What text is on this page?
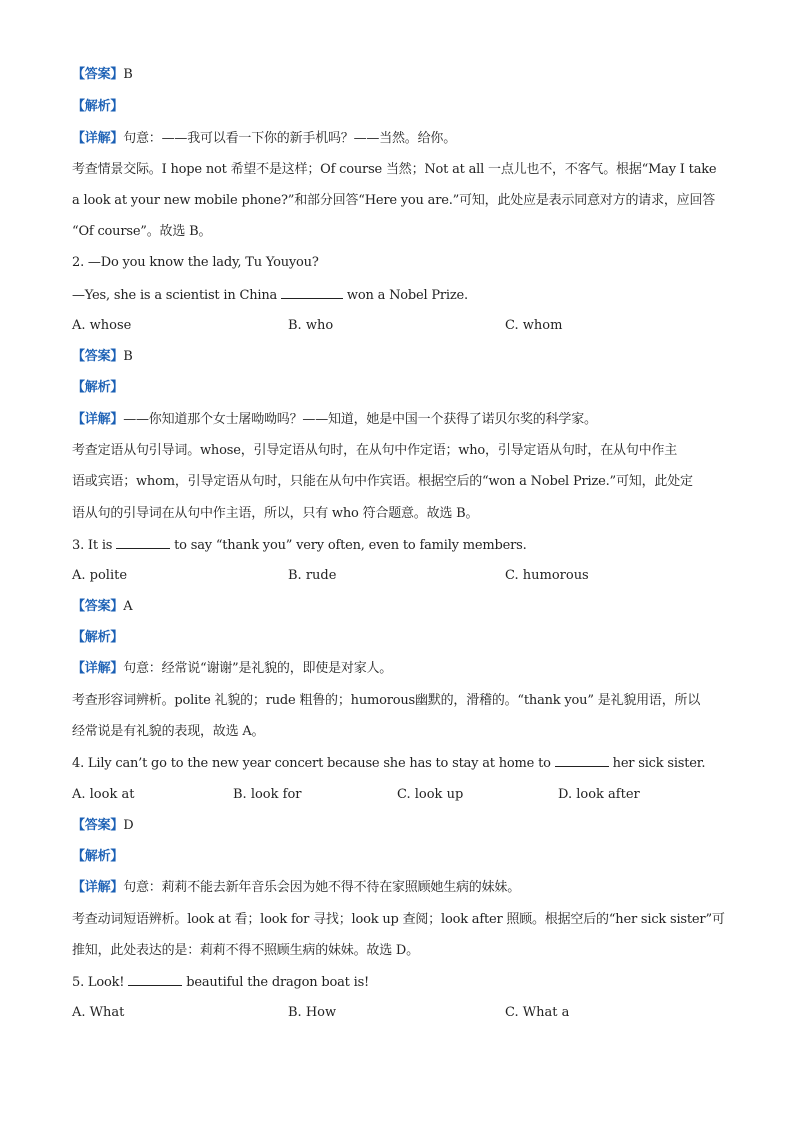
【答案】B
【解析】
【详解】句意：——我可以看一下你的新手机吗？——当然。给你。
考查情景交际。I hope not 希望不是这样；Of course 当然；Not at all 一点儿也不，不客气。根据“May I take
a look at your new mobile phone?”和部分回答“Here you are.”可知，此处应是表示同意对方的请求，应回答
“Of course”。故选 B。
2. —Do you know the lady, Tu Youyou?
—Yes, she is a scientist in China	won a Nobel Prize.
A. whose	B. who	C. whom
【答案】B
【解析】
【详解】——你知道那个女士屠呦呦吗？——知道，她是中国一个获得了诺贝尔奖的科学家。
考查定语从句引导词。whose，引导定语从句时，在从句中作定语；who，引导定语从句时，在从句中作主
语或宾语；whom，引导定语从句时，只能在从句中作宾语。根据空后的“won a Nobel Prize.”可知，此处定
语从句的引导词在从句中作主语，所以，只有 who 符合题意。故选 B。
3. It is	to say “thank you” very often, even to family members.
A. polite	B. rude	C. humorous
【答案】A
【解析】
【详解】句意：经常说“谢谢”是礼貌的，即使是对家人。
考查形容词辨析。polite 礼貌的；rude 粗鲁的；humorous幽默的，滑稽的。“thank you” 是礼貌用语，所以
经常说是有礼貌的表现，故选 A。
4. Lily can’t go to the new year concert because she has to stay at home to	her sick sister.
A. look at	B. look for	C. look up	D. look after
【答案】D
【解析】
【详解】句意：莉莉不能去新年音乐会因为她不得不待在家照顾她生病的妹妹。
考查动词短语辨析。look at 看；look for 寻找；look up 查阅；look after 照顾。根据空后的“her sick sister”可
推知，此处表达的是：莉莉不得不照顾生病的妹妹。故选 D。
5. Look!	beautiful the dragon boat is!
A. What	B. How	C. What a
